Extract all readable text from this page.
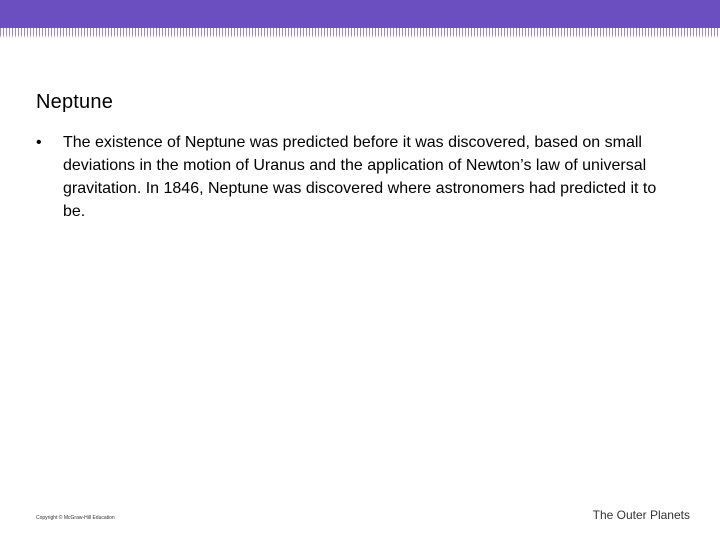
Neptune
•	The existence of Neptune was predicted before it was discovered, based on small deviations in the motion of Uranus and the application of Newton’s law of universal gravitation. In 1846, Neptune was discovered where astronomers had predicted it to be.
Copyright © McGraw-Hill Education	The Outer Planets
